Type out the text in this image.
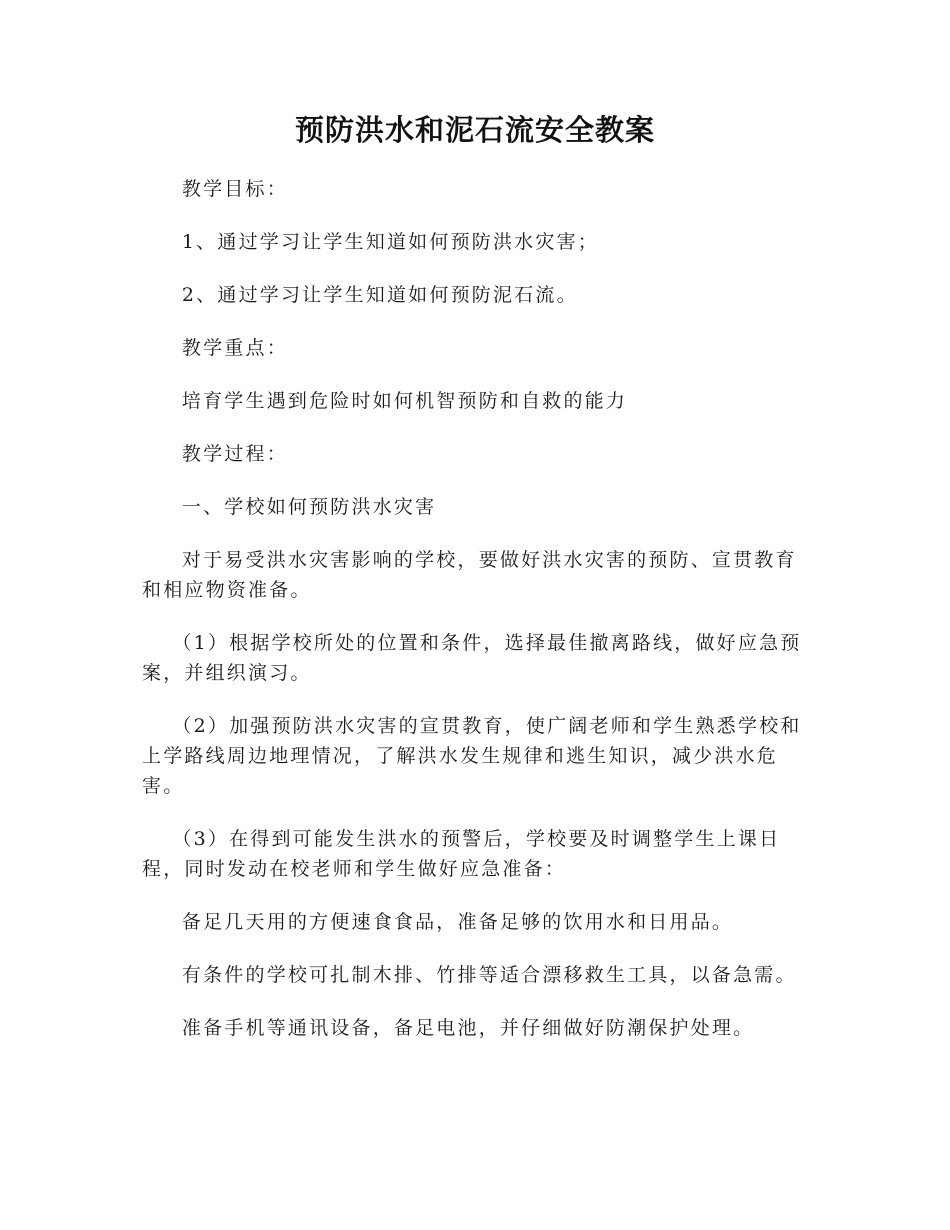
预防洪水和泥石流安全教案

教学目标：

1、通过学习让学生知道如何预防洪水灾害；

2、通过学习让学生知道如何预防泥石流。

教学重点：

培育学生遇到危险时如何机智预防和自救的能力

教学过程：

一、学校如何预防洪水灾害

对于易受洪水灾害影响的学校，要做好洪水灾害的预防、宣贯教育和相应物资准备。

（1）根据学校所处的位置和条件，选择最佳撤离路线，做好应急预案，并组织演习。

（2）加强预防洪水灾害的宣贯教育，使广阔老师和学生熟悉学校和上学路线周边地理情况，了解洪水发生规律和逃生知识，减少洪水危害。

（3）在得到可能发生洪水的预警后，学校要及时调整学生上课日程，同时发动在校老师和学生做好应急准备：

备足几天用的方便速食食品，准备足够的饮用水和日用品。

有条件的学校可扎制木排、竹排等适合漂移救生工具，以备急需。

准备手机等通讯设备，备足电池，并仔细做好防潮保护处理。
